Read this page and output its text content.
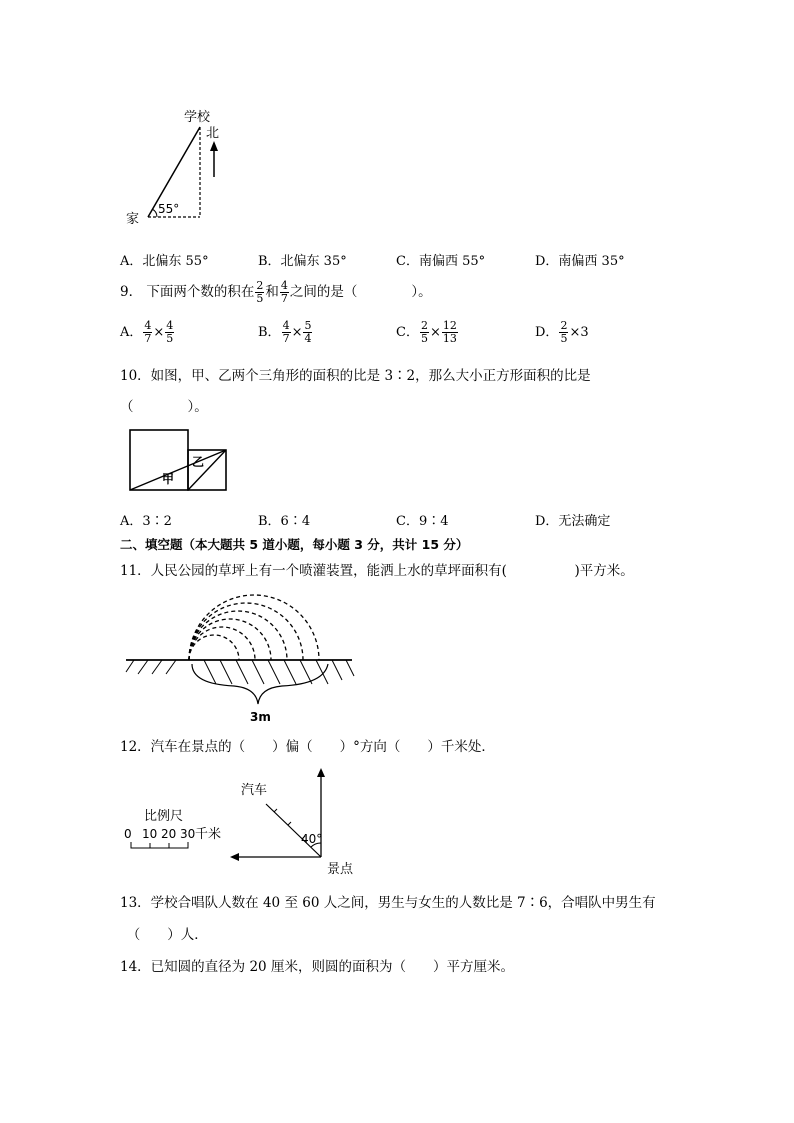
学校
北
家
55°
A．北偏东 55°	B．北偏东 35°	C．南偏西 55°	D．南偏西 35°
9． 下面两个数的积在 $\frac{2}{5}$ 和 $\frac{4}{7}$ 之间的是（　　　　）。
A． $\frac{4}{7} \times \frac{4}{5}$	B． $\frac{4}{7} \times \frac{5}{4}$	C． $\frac{2}{5} \times \frac{12}{13}$	D． $\frac{2}{5} \times 3$
10．如图，甲、乙两个三角形的面积的比是 3∶2，那么大小正方形面积的比是
（　　　　）。
甲
乙
A．3∶2	B．6∶4	C．9∶4	D．无法确定
二、填空题（本大题共 5 道小题，每小题 3 分，共计 15 分）
11．人民公园的草坪上有一个喷灌装置，能洒上水的草坪面积有(　　　　　)平方米。
3m
12．汽车在景点的（　　）偏（　　）°方向（　　）千米处．
比例尺
0 10 20 30 千米
汽车
40°
景点
13．学校合唱队人数在 40 至 60 人之间，男生与女生的人数比是 7∶6，合唱队中男生有
　（　　）人．
14．已知圆的直径为 20 厘米，则圆的面积为（　　）平方厘米。
